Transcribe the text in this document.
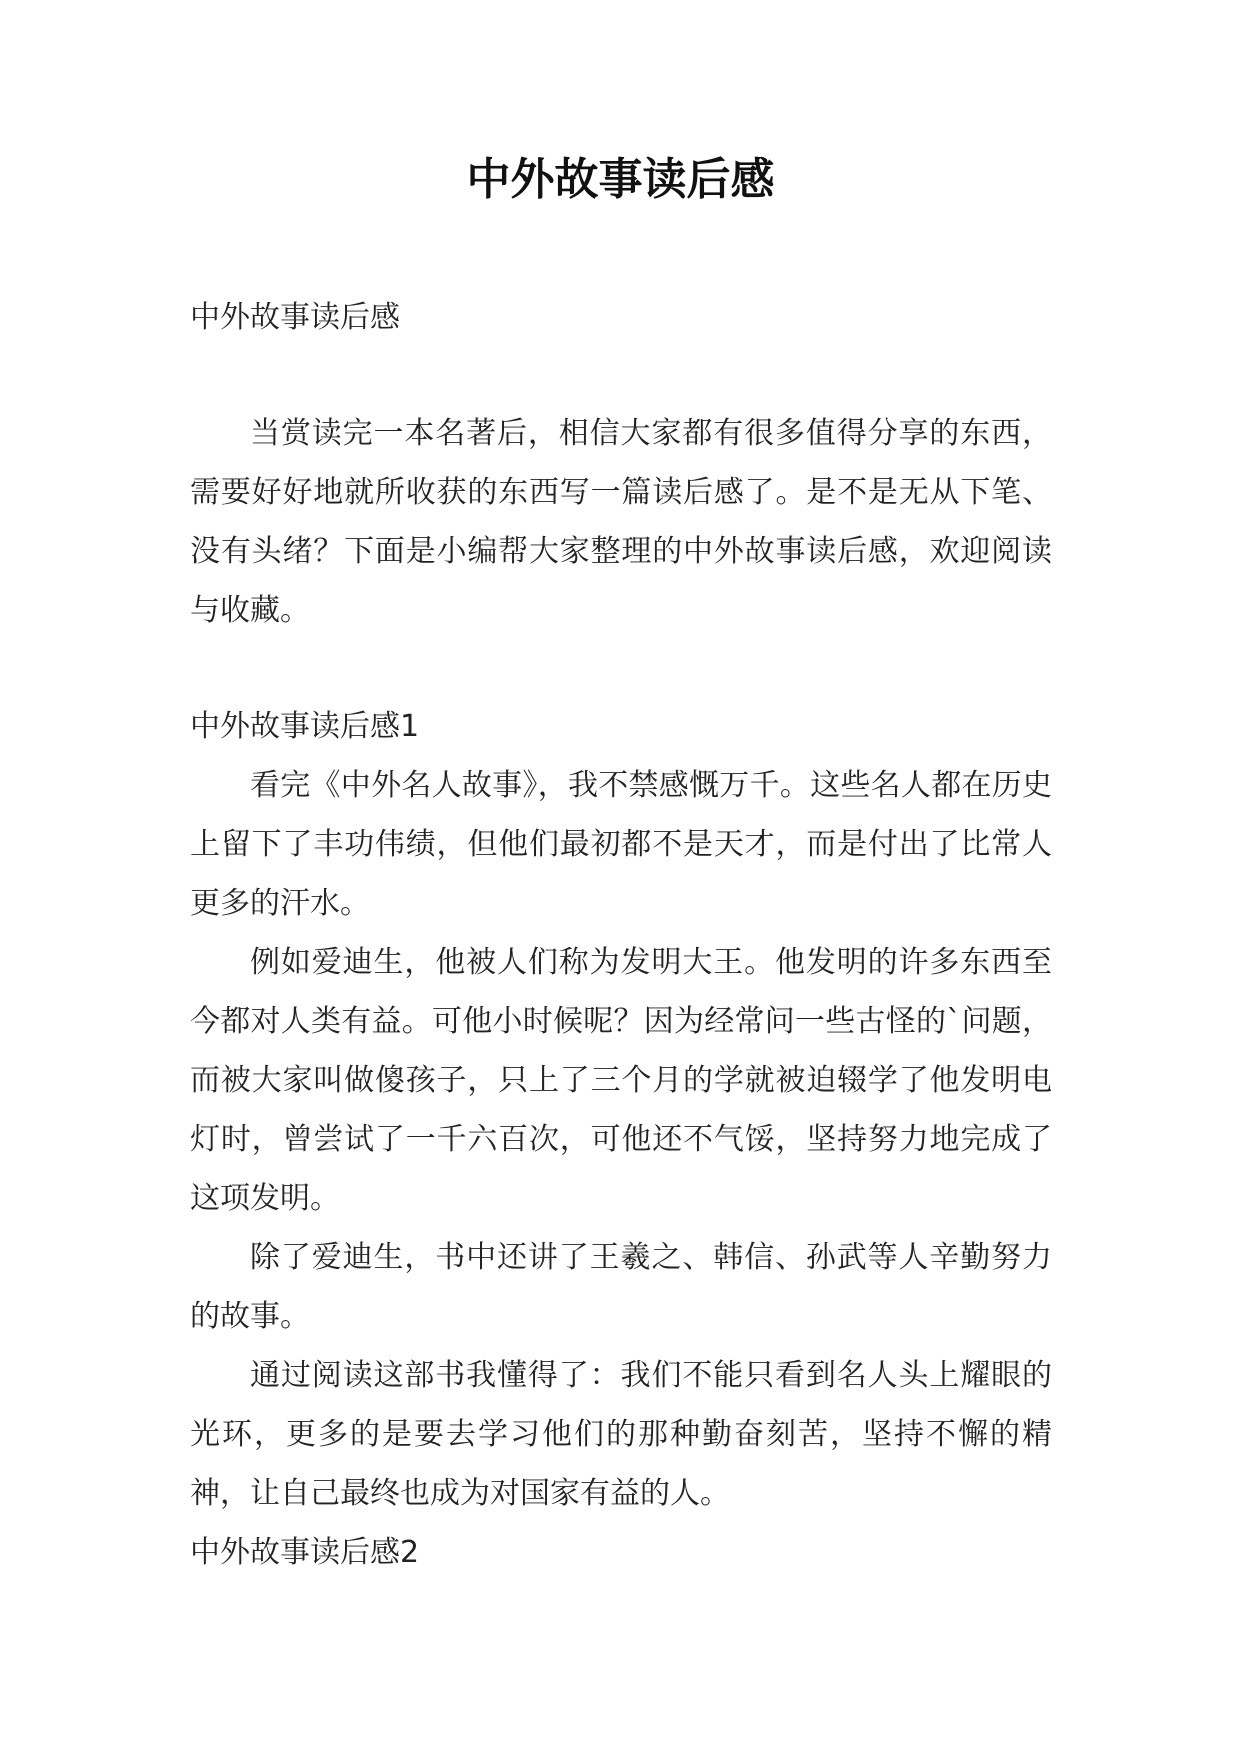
中外故事读后感

中外故事读后感

当赏读完一本名著后，相信大家都有很多值得分享的东西，需要好好地就所收获的东西写一篇读后感了。是不是无从下笔、没有头绪？下面是小编帮大家整理的中外故事读后感，欢迎阅读与收藏。

中外故事读后感1

看完《中外名人故事》，我不禁感慨万千。这些名人都在历史上留下了丰功伟绩，但他们最初都不是天才，而是付出了比常人更多的汗水。

例如爱迪生，他被人们称为发明大王。他发明的许多东西至今都对人类有益。可他小时候呢？因为经常问一些古怪的`问题，而被大家叫做傻孩子，只上了三个月的学就被迫辍学了他发明电灯时，曾尝试了一千六百次，可他还不气馁，坚持努力地完成了这项发明。

除了爱迪生，书中还讲了王羲之、韩信、孙武等人辛勤努力的故事。

通过阅读这部书我懂得了：我们不能只看到名人头上耀眼的光环，更多的是要去学习他们的那种勤奋刻苦，坚持不懈的精神，让自己最终也成为对国家有益的人。

中外故事读后感2
